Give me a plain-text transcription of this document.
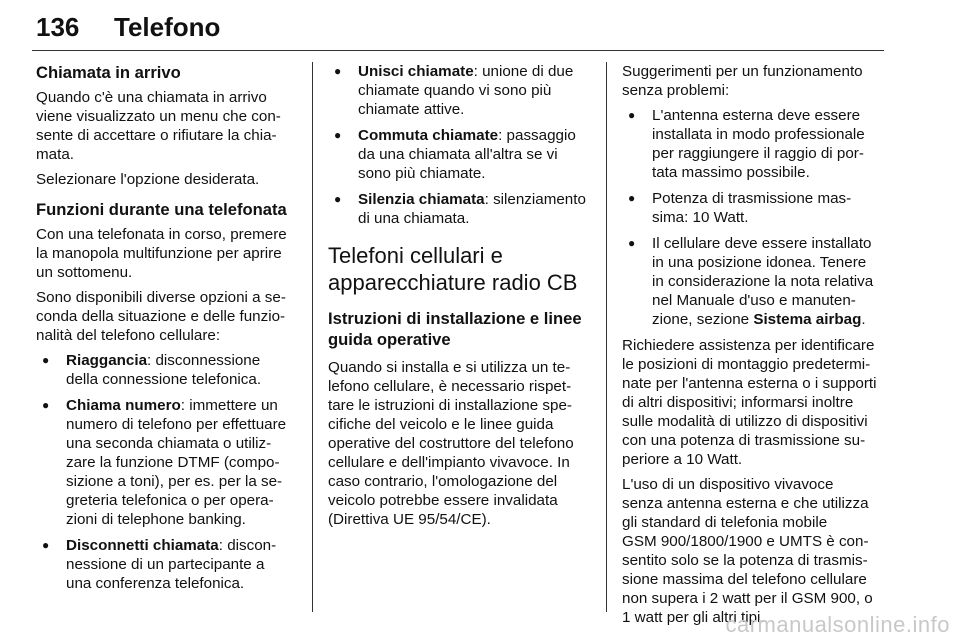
136 Telefono
Chiamata in arrivo

Quando c'è una chiamata in arrivo
viene visualizzato un menu che con-
sente di accettare o rifiutare la chia-
mata.

Selezionare l'opzione desiderata.

Funzioni durante una telefonata

Con una telefonata in corso, premere
la manopola multifunzione per aprire
un sottomenu.

Sono disponibili diverse opzioni a se-
conda della situazione e delle funzio-
nalità del telefono cellulare:

● Riaggancia: disconnessione
della connessione telefonica.
● Chiama numero: immettere un
numero di telefono per effettuare
una seconda chiamata o utiliz-
zare la funzione DTMF (compo-
sizione a toni), per es. per la se-
greteria telefonica o per opera-
zioni di telephone banking.
● Disconnetti chiamata: discon-
nessione di un partecipante a
una conferenza telefonica.
● Unisci chiamate: unione di due
chiamate quando vi sono più
chiamate attive.
● Commuta chiamate: passaggio
da una chiamata all'altra se vi
sono più chiamate.
● Silenzia chiamata: silenziamento
di una chiamata.
Telefoni cellulari e
apparecchiature radio CB
Istruzioni di installazione e linee
guida operative

Quando si installa e si utilizza un te-
lefono cellulare, è necessario rispet-
tare le istruzioni di installazione spe-
cifiche del veicolo e le linee guida
operative del costruttore del telefono
cellulare e dell'impianto vivavoce. In
caso contrario, l'omologazione del
veicolo potrebbe essere invalidata
(Direttiva UE 95/54/CE).

Suggerimenti per un funzionamento
senza problemi:

● L'antenna esterna deve essere
installata in modo professionale
per raggiungere il raggio di por-
tata massimo possibile.
● Potenza di trasmissione mas-
sima: 10 Watt.
● Il cellulare deve essere installato
in una posizione idonea. Tenere
in considerazione la nota relativa
nel Manuale d'uso e manuten-
zione, sezione Sistema airbag.

Richiedere assistenza per identificare
le posizioni di montaggio predetermi-
nate per l'antenna esterna o i supporti
di altri dispositivi; informarsi inoltre
sulle modalità di utilizzo di dispositivi
con una potenza di trasmissione su-
periore a 10 Watt.

L'uso di un dispositivo vivavoce
senza antenna esterna e che utilizza
gli standard di telefonia mobile
GSM 900/1800/1900 e UMTS è con-
sentito solo se la potenza di trasmis-
sione massima del telefono cellulare
non supera i 2 watt per il GSM 900, o
1 watt per gli altri tipi.

carmanualsonline.info
